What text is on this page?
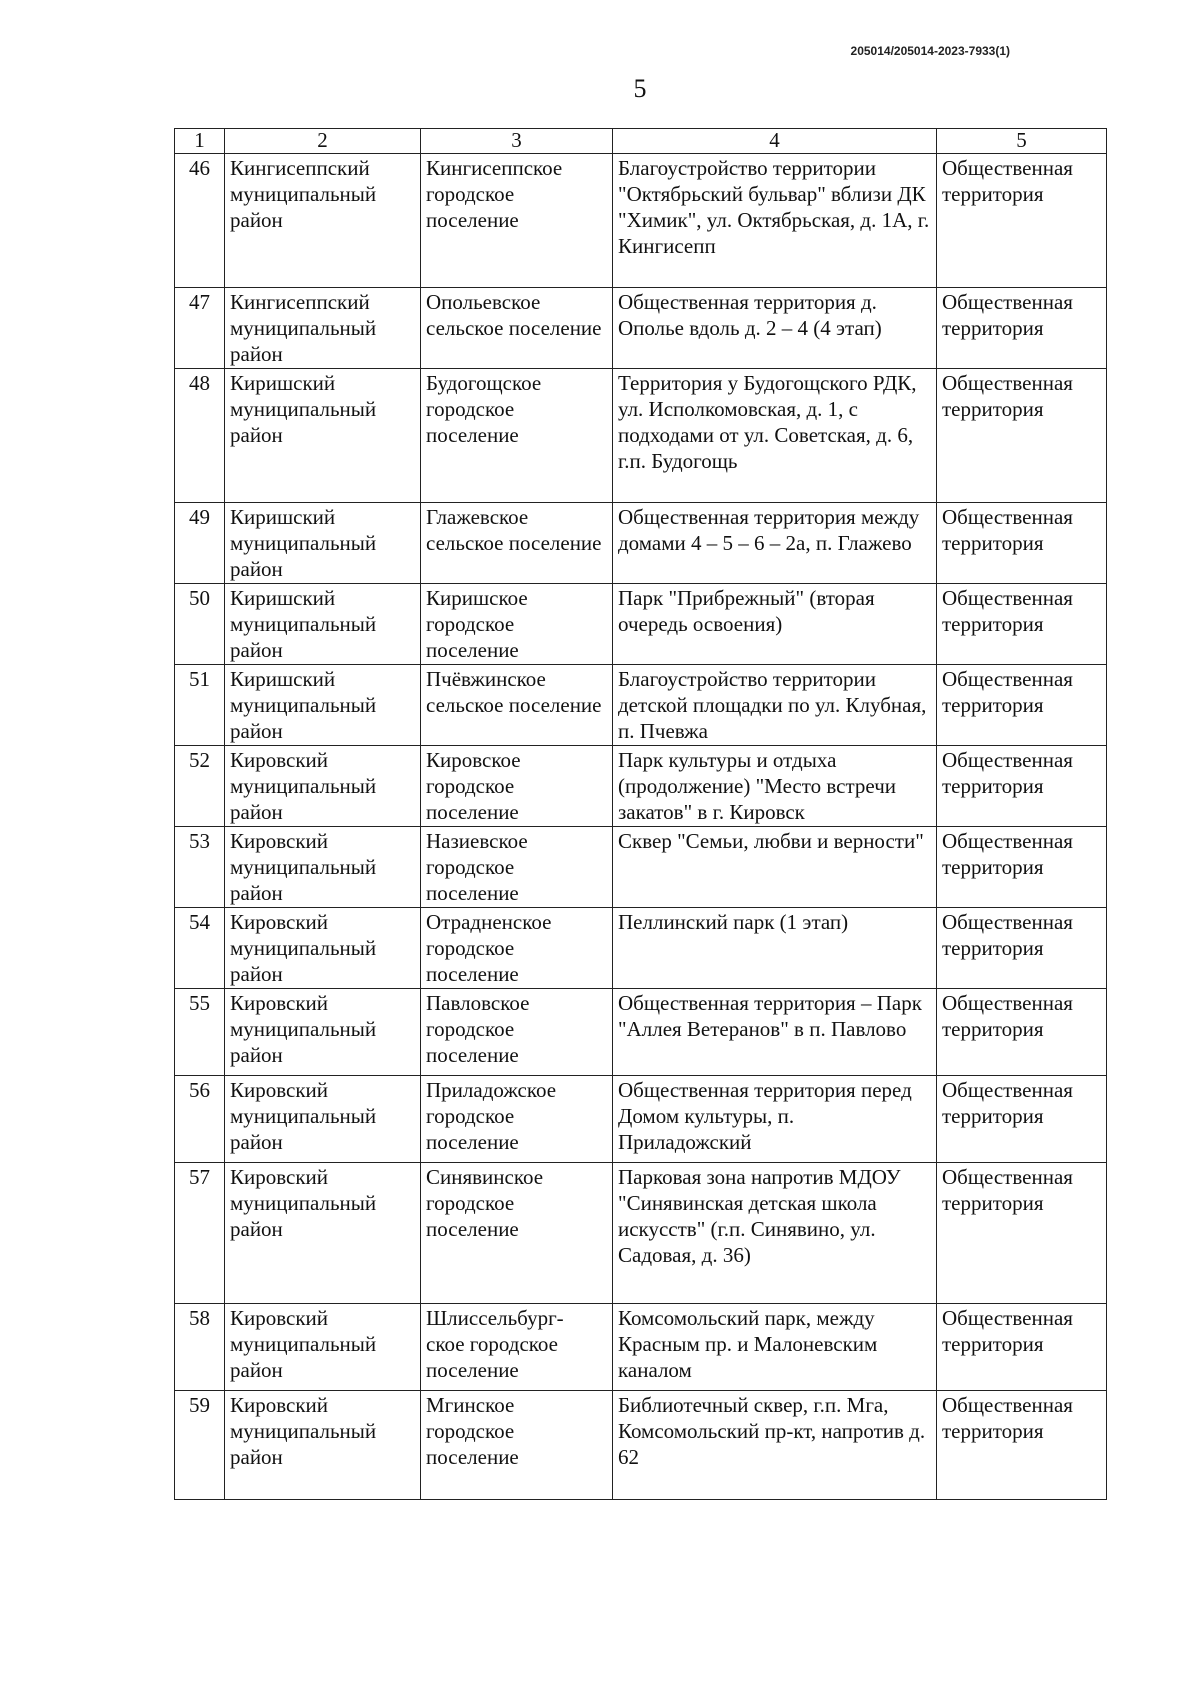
205014/205014-2023-7933(1)
5
1	2	3	4	5
46	Кингисеппский муниципальный район	Кингисеппское городское поселение	Благоустройство территории "Октябрьский бульвар" вблизи ДК "Химик", ул. Октябрьская, д. 1А, г. Кингисепп	Общественная территория
47	Кингисеппский муниципальный район	Опольевское сельское поселение	Общественная территория д. Ополье вдоль д. 2 – 4 (4 этап)	Общественная территория
48	Киришский муниципальный район	Будогощское городское поселение	Территория у Будогощского РДК, ул. Исполкомовская, д. 1, с подходами от ул. Советская, д. 6, г.п. Будогощь	Общественная территория
49	Киришский муниципальный район	Глажевское сельское поселение	Общественная территория между домами 4 – 5 – 6 – 2а, п. Глажево	Общественная территория
50	Киришский муниципальный район	Киришское городское поселение	Парк "Прибрежный" (вторая очередь освоения)	Общественная территория
51	Киришский муниципальный район	Пчёвжинское сельское поселение	Благоустройство территории детской площадки по ул. Клубная, п. Пчевжа	Общественная территория
52	Кировский муниципальный район	Кировское городское поселение	Парк культуры и отдыха (продолжение) "Место встречи закатов" в г. Кировск	Общественная территория
53	Кировский муниципальный район	Назиевское городское поселение	Сквер "Семьи, любви и верности"	Общественная территория
54	Кировский муниципальный район	Отрадненское городское поселение	Пеллинский парк (1 этап)	Общественная территория
55	Кировский муниципальный район	Павловское городское поселение	Общественная территория – Парк "Аллея Ветеранов" в п. Павлово	Общественная территория
56	Кировский муниципальный район	Приладожское городское поселение	Общественная территория перед Домом культуры, п. Приладожский	Общественная территория
57	Кировский муниципальный район	Синявинское городское поселение	Парковая зона напротив МДОУ "Синявинская детская школа искусств" (г.п. Синявино, ул. Садовая, д. 36)	Общественная территория
58	Кировский муниципальный район	Шлиссельбург- ское городское поселение	Комсомольский парк, между Красным пр. и Малоневским каналом	Общественная территория
59	Кировский муниципальный район	Мгинское городское поселение	Библиотечный сквер, г.п. Мга, Комсомольский пр-кт, напротив д. 62	Общественная территория
